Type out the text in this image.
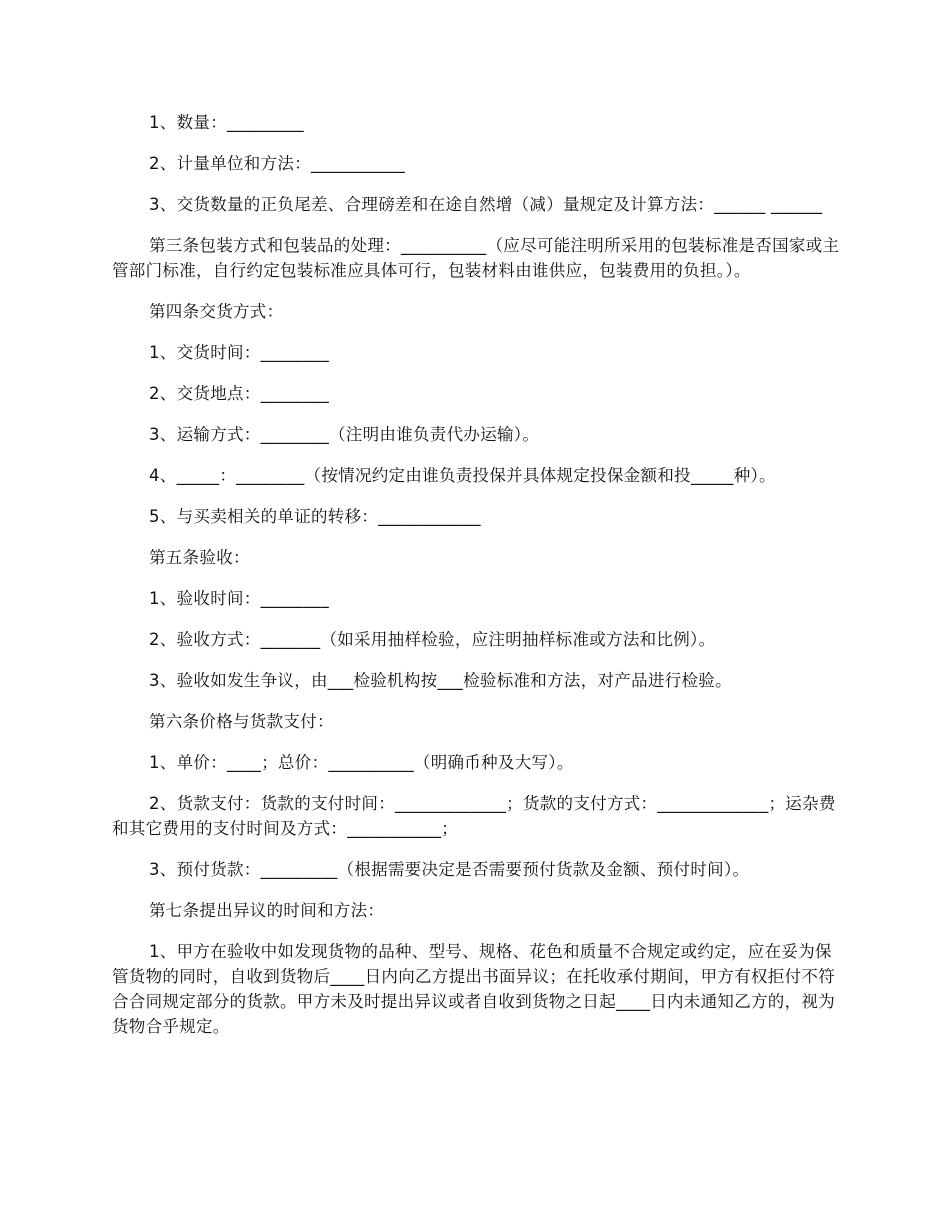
1、数量：_________

2、计量单位和方法：___________

3、交货数量的正负尾差、合理磅差和在途自然增（减）量规定及计算方法：______ ______

第三条包装方式和包装品的处理：__________（应尽可能注明所采用的包装标准是否国家或主管部门标准，自行约定包装标准应具体可行，包装材料由谁供应，包装费用的负担。）。

第四条交货方式：

1、交货时间：________

2、交货地点：________

3、运输方式：________（注明由谁负责代办运输）。

4、_____：________（按情况约定由谁负责投保并具体规定投保金额和投_____种）。

5、与买卖相关的单证的转移：____________

第五条验收：

1、验收时间：________

2、验收方式：_______（如采用抽样检验，应注明抽样标准或方法和比例）。

3、验收如发生争议，由___检验机构按___检验标准和方法，对产品进行检验。

第六条价格与货款支付：

1、单价：____；总价：__________（明确币种及大写）。

2、货款支付：货款的支付时间：_____________；货款的支付方式：_____________；运杂费和其它费用的支付时间及方式：___________；

3、预付货款：_________（根据需要决定是否需要预付货款及金额、预付时间）。

第七条提出异议的时间和方法：

1、甲方在验收中如发现货物的品种、型号、规格、花色和质量不合规定或约定，应在妥为保管货物的同时，自收到货物后____日内向乙方提出书面异议；在托收承付期间，甲方有权拒付不符合合同规定部分的货款。甲方未及时提出异议或者自收到货物之日起____日内未通知乙方的，视为货物合乎规定。
